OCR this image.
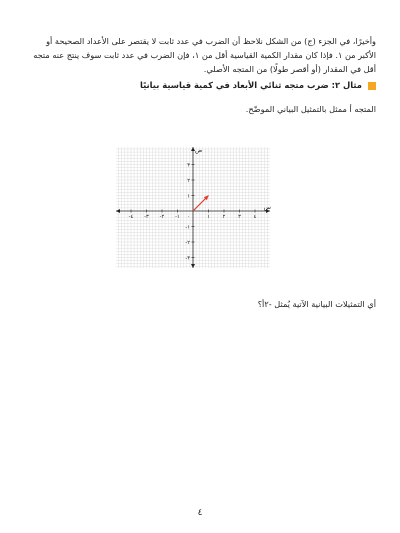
وأخيرًا، في الجزء (ج) من الشكل نلاحظ أن الضرب في عدد ثابت لا يقتصر على الأعداد الصحيحة أو الأكبر من ١. فإذا كان مقدار الكمية القياسية أقل من ١، فإن الضرب في عدد ثابت سوف ينتج عنه متجه أقل في المقدار (أو أقصر طولًا) من المتجه الأصلي.

مثال ٢: ضرب متجه ثنائي الأبعاد في كمية قياسية بيانيًا

المتجه أ ممثل بالتمثيل البياني الموضّح.

-٤ -٣ -٢ -١	١ ٢ ٣ ٤
٣
٢
١
-١
-٢
-٣
٠
س
ص

أي التمثيلات البيانية الآتية يُمثل -٢أ؟

٤
